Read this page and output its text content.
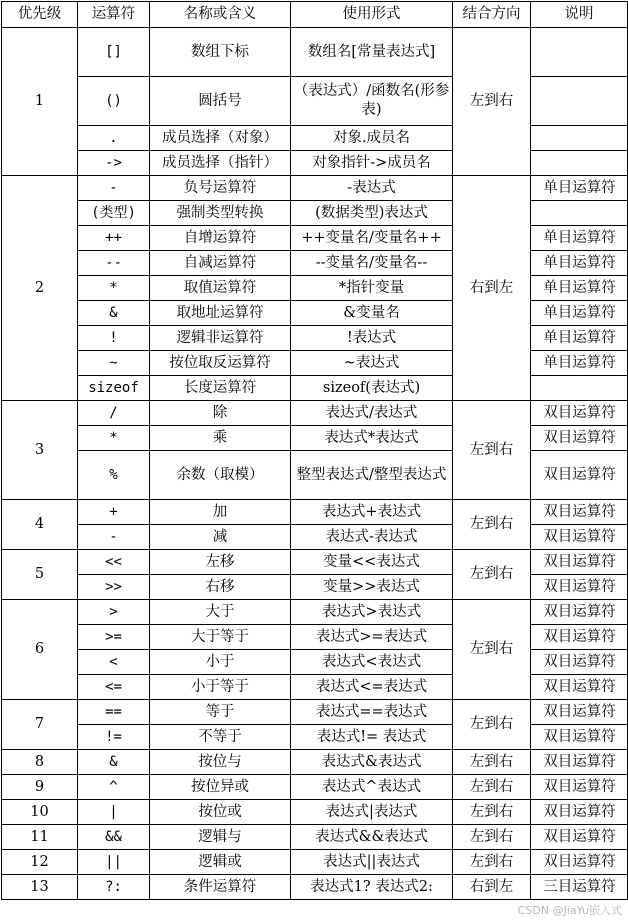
优先级	运算符	名称或含义	使用形式	结合方向	说明
1	[]	数组下标	数组名[常量表达式]	左到右	
	()	圆括号	（表达式）/函数名(形参表)		
	.	成员选择（对象）	对象.成员名		
	->	成员选择（指针）	对象指针->成员名		
2	-	负号运算符	-表达式	右到左	单目运算符
	(类型)	强制类型转换	(数据类型)表达式		
	++	自增运算符	++变量名/变量名++		单目运算符
	--	自减运算符	--变量名/变量名--		单目运算符
	*	取值运算符	*指针变量		单目运算符
	&	取地址运算符	&变量名		单目运算符
	!	逻辑非运算符	!表达式		单目运算符
	~	按位取反运算符	~表达式		单目运算符
	sizeof	长度运算符	sizeof(表达式)		
3	/	除	表达式/表达式	左到右	双目运算符
	*	乘	表达式*表达式		双目运算符
	%	余数（取模）	整型表达式/整型表达式		双目运算符
4	+	加	表达式+表达式	左到右	双目运算符
	-	减	表达式-表达式		双目运算符
5	<<	左移	变量<<表达式	左到右	双目运算符
	>>	右移	变量>>表达式		双目运算符
6	>	大于	表达式>表达式	左到右	双目运算符
	>=	大于等于	表达式>=表达式		双目运算符
	<	小于	表达式<表达式		双目运算符
	<=	小于等于	表达式<=表达式		双目运算符
7	==	等于	表达式==表达式	左到右	双目运算符
	!=	不等于	表达式!= 表达式		双目运算符
8	&	按位与	表达式&表达式	左到右	双目运算符
9	^	按位异或	表达式^表达式	左到右	双目运算符
10	|	按位或	表达式|表达式	左到右	双目运算符
11	&&	逻辑与	表达式&&表达式	左到右	双目运算符
12	||	逻辑或	表达式||表达式	左到右	双目运算符
13	?:	条件运算符	表达式1? 表达式2:	右到左	三目运算符
CSDN @JiaYu嵌入式
